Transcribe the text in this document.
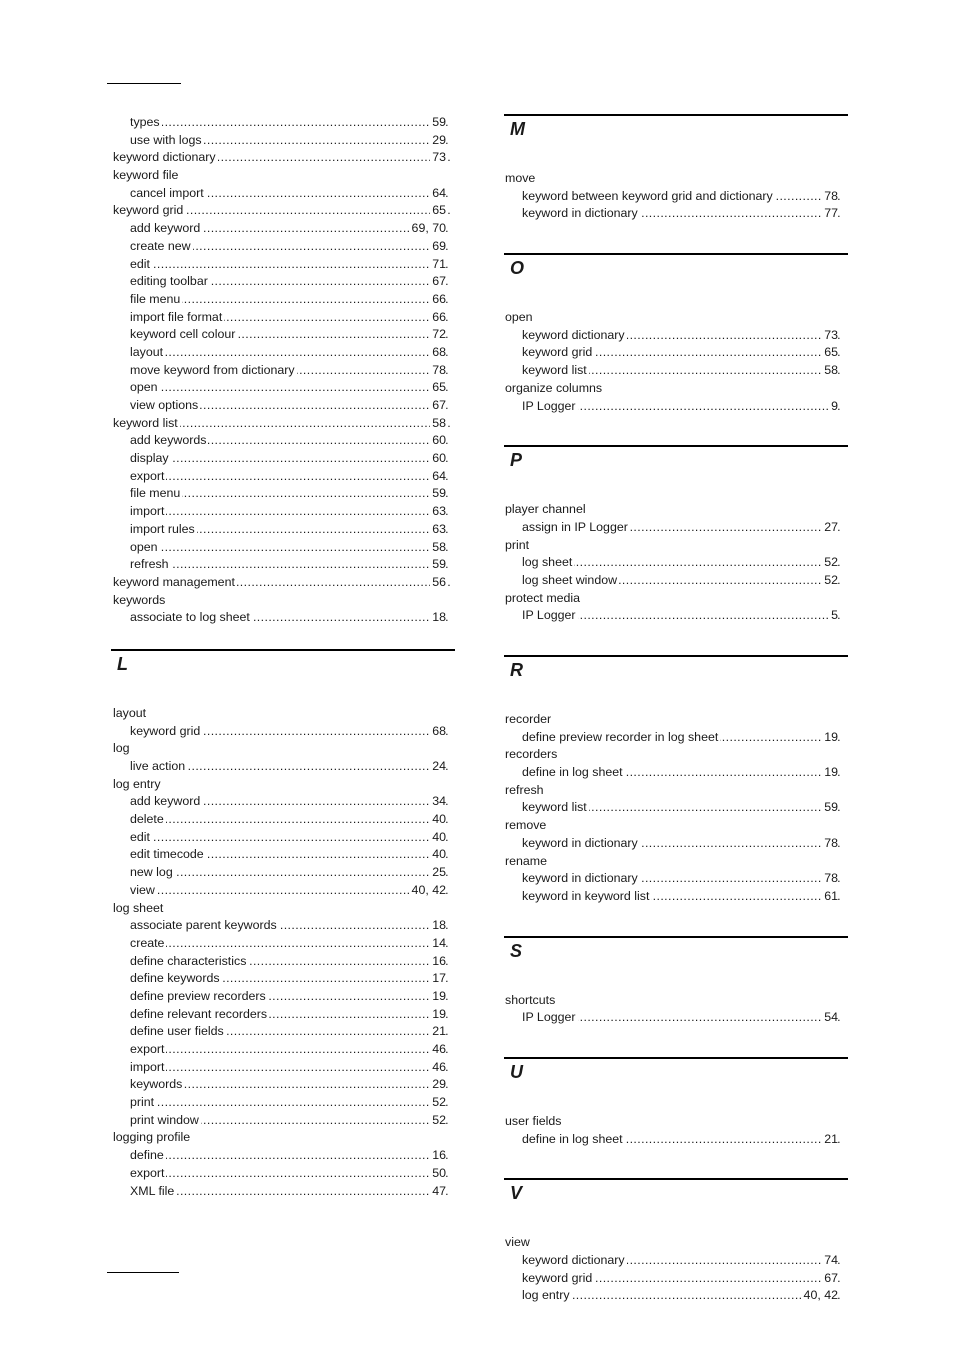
types	59
use with logs	29
keyword dictionary	73
keyword file
cancel import	64
keyword grid	65
add keyword	69, 70
create new	69
edit	71
editing toolbar	67
file menu	66
import file format	66
keyword cell colour	72
layout	68
move keyword from dictionary	78
open	65
view options	67
keyword list	58
add keywords	60
display	60
export	64
file menu	59
import	63
import rules	63
open	58
refresh	59
keyword management	56
keywords
associate to log sheet	18
L
layout
keyword grid	68
log
live action	24
log entry
add keyword	34
delete	40
edit	40
edit timecode	40
new log	25
view	40, 42
log sheet
associate parent keywords	18
create	14
define characteristics	16
define keywords	17
define preview recorders	19
define relevant recorders	19
define user fields	21
export	46
import	46
keywords	29
print	52
print window	52
logging profile
define	16
export	50
XML file	47
M
move
keyword between keyword grid and dictionary	78
keyword in dictionary	77
O
open
keyword dictionary	73
keyword grid	65
keyword list	58
organize columns
IP Logger	9
P
player channel
assign in IP Logger	27
print
log sheet	52
log sheet window	52
protect media
IP Logger	5
R
recorder
define preview recorder in log sheet	19
recorders
define in log sheet	19
refresh
keyword list	59
remove
keyword in dictionary	78
rename
keyword in dictionary	78
keyword in keyword list	61
S
shortcuts
IP Logger	54
U
user fields
define in log sheet	21
V
view
keyword dictionary	74
keyword grid	67
log entry	40, 42
